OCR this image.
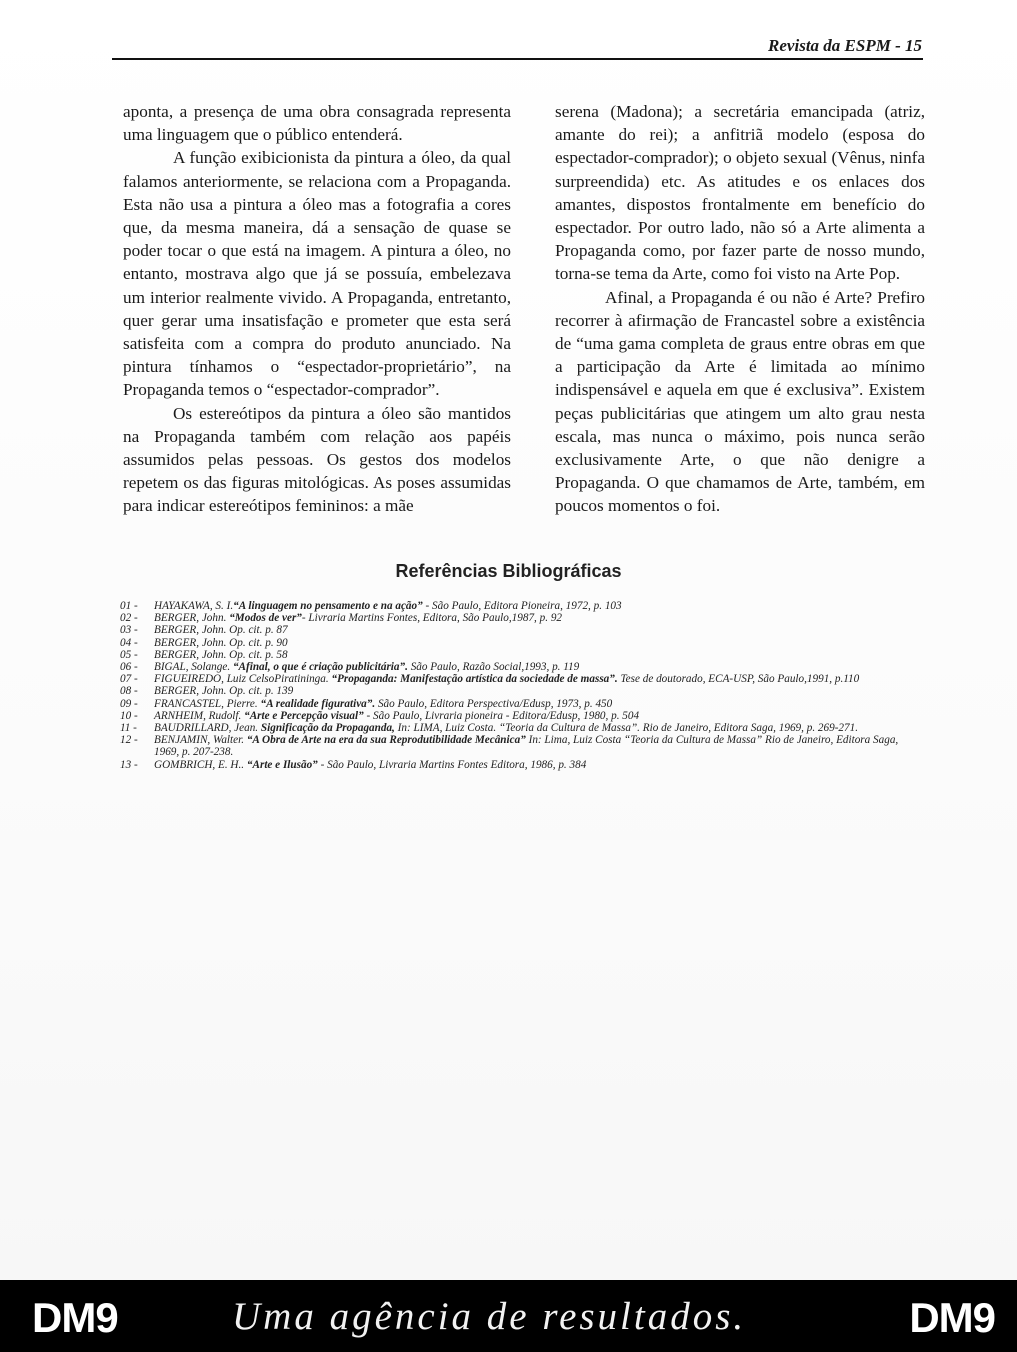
Revista da ESPM - 15

aponta, a presença de uma obra consagrada representa uma linguagem que o público entenderá.

A função exibicionista da pintura a óleo, da qual falamos anteriormente, se relaciona com a Propaganda. Esta não usa a pintura a óleo mas a fotografia a cores que, da mesma maneira, dá a sensação de quase se poder tocar o que está na imagem. A pintura a óleo, no entanto, mostrava algo que já se possuía, embelezava um interior realmente vivido. A Propaganda, entretanto, quer gerar uma insatisfação e prometer que esta será satisfeita com a compra do produto anunciado. Na pintura tínhamos o “espectador-proprietário”, na Propaganda temos o “espectador-comprador”.

Os estereótipos da pintura a óleo são mantidos na Propaganda também com relação aos papéis assumidos pelas pessoas. Os gestos dos modelos repetem os das figuras mitológicas. As poses assumidas para indicar estereótipos femininos: a mãe

serena (Madona); a secretária emancipada (atriz, amante do rei); a anfitriã modelo (esposa do espectador-comprador); o objeto sexual (Vênus, ninfa surpreendida) etc. As atitudes e os enlaces dos amantes, dispostos frontalmente em benefício do espectador. Por outro lado, não só a Arte alimenta a Propaganda como, por fazer parte de nosso mundo, torna-se tema da Arte, como foi visto na Arte Pop.

Afinal, a Propaganda é ou não é Arte? Prefiro recorrer à afirmação de Francastel sobre a existência de “uma gama completa de graus entre obras em que a participação da Arte é limitada ao mínimo indispensável e aquela em que é exclusiva”. Existem peças publicitárias que atingem um alto grau nesta escala, mas nunca o máximo, pois nunca serão exclusivamente Arte, o que não denigre a Propaganda. O que chamamos de Arte, também, em poucos momentos o foi.

Referências Bibliográficas
01 -	HAYAKAWA, S. I.“A linguagem no pensamento e na ação” - São Paulo, Editora Pioneira, 1972, p. 103
02 -	BERGER, John. “Modos de ver”- Livraria Martins Fontes, Editora, São Paulo,1987, p. 92
03 -	BERGER, John. Op. cit. p. 87
04 -	BERGER, John. Op. cit. p. 90
05 -	BERGER, John. Op. cit. p. 58
06 -	BIGAL, Solange. “Afinal, o que é criação publicitária”. São Paulo, Razão Social,1993, p. 119
07 -	FIGUEIREDO, Luiz CelsoPiratininga. “Propaganda: Manifestação artística da sociedade de massa”. Tese de doutorado, ECA-USP, São Paulo,1991, p.110
08 -	BERGER, John. Op. cit. p. 139
09 -	FRANCASTEL, Pierre. “A realidade figurativa”. São Paulo, Editora Perspectiva/Edusp, 1973, p. 450
10 -	ARNHEIM, Rudolf. “Arte e Percepção visual” - São Paulo, Livraria pioneira - Editora/Edusp, 1980, p. 504
11 -	BAUDRILLARD, Jean. Significação da Propaganda, In: LIMA, Luiz Costa. “Teoria da Cultura de Massa”. Rio de Janeiro, Editora Saga, 1969, p. 269-271.
12 -	BENJAMIN, Walter. “A Obra de Arte na era da sua Reprodutibilidade Mecânica” In: Lima, Luiz Costa “Teoria da Cultura de Massa” Rio de Janeiro, Editora Saga, 1969, p. 207-238.
13 -	GOMBRICH, E. H.. “Arte e Ilusão” - São Paulo, Livraria Martins Fontes Editora, 1986, p. 384
DM9	Uma agência de resultados.	DM9
